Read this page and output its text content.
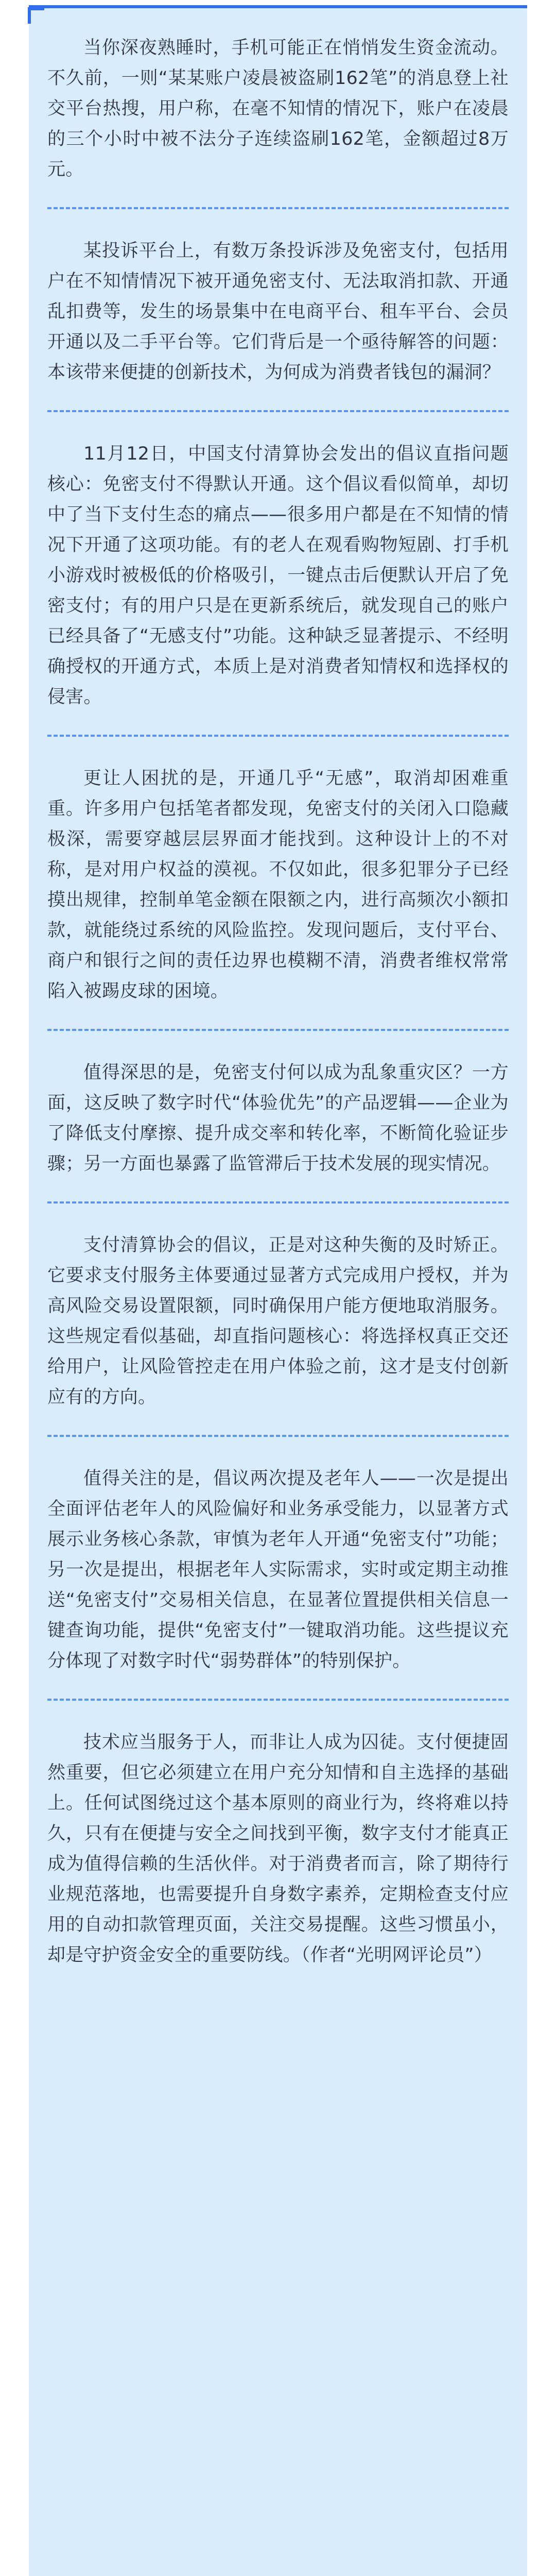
当你深夜熟睡时，手机可能正在悄悄发生资金流动。不久前，一则“某某账户凌晨被盗刷162笔”的消息登上社交平台热搜，用户称，在毫不知情的情况下，账户在凌晨的三个小时中被不法分子连续盗刷162笔，金额超过8万元。

某投诉平台上，有数万条投诉涉及免密支付，包括用户在不知情情况下被开通免密支付、无法取消扣款、开通乱扣费等，发生的场景集中在电商平台、租车平台、会员开通以及二手平台等。它们背后是一个亟待解答的问题：本该带来便捷的创新技术，为何成为消费者钱包的漏洞？

11月12日，中国支付清算协会发出的倡议直指问题核心：免密支付不得默认开通。这个倡议看似简单，却切中了当下支付生态的痛点——很多用户都是在不知情的情况下开通了这项功能。有的老人在观看购物短剧、打手机小游戏时被极低的价格吸引，一键点击后便默认开启了免密支付；有的用户只是在更新系统后，就发现自己的账户已经具备了“无感支付”功能。这种缺乏显著提示、不经明确授权的开通方式，本质上是对消费者知情权和选择权的侵害。

更让人困扰的是，开通几乎“无感”，取消却困难重重。许多用户包括笔者都发现，免密支付的关闭入口隐藏极深，需要穿越层层界面才能找到。这种设计上的不对称，是对用户权益的漠视。不仅如此，很多犯罪分子已经摸出规律，控制单笔金额在限额之内，进行高频次小额扣款，就能绕过系统的风险监控。发现问题后，支付平台、商户和银行之间的责任边界也模糊不清，消费者维权常常陷入被踢皮球的困境。

值得深思的是，免密支付何以成为乱象重灾区？一方面，这反映了数字时代“体验优先”的产品逻辑——企业为了降低支付摩擦、提升成交率和转化率，不断简化验证步骤；另一方面也暴露了监管滞后于技术发展的现实情况。

支付清算协会的倡议，正是对这种失衡的及时矫正。它要求支付服务主体要通过显著方式完成用户授权，并为高风险交易设置限额，同时确保用户能方便地取消服务。这些规定看似基础，却直指问题核心：将选择权真正交还给用户，让风险管控走在用户体验之前，这才是支付创新应有的方向。

值得关注的是，倡议两次提及老年人——一次是提出全面评估老年人的风险偏好和业务承受能力，以显著方式展示业务核心条款，审慎为老年人开通“免密支付”功能；另一次是提出，根据老年人实际需求，实时或定期主动推送“免密支付”交易相关信息，在显著位置提供相关信息一键查询功能，提供“免密支付”一键取消功能。这些提议充分体现了对数字时代“弱势群体”的特别保护。

技术应当服务于人，而非让人成为囚徒。支付便捷固然重要，但它必须建立在用户充分知情和自主选择的基础上。任何试图绕过这个基本原则的商业行为，终将难以持久，只有在便捷与安全之间找到平衡，数字支付才能真正成为值得信赖的生活伙伴。对于消费者而言，除了期待行业规范落地，也需要提升自身数字素养，定期检查支付应用的自动扣款管理页面，关注交易提醒。这些习惯虽小，却是守护资金安全的重要防线。（作者“光明网评论员”）
